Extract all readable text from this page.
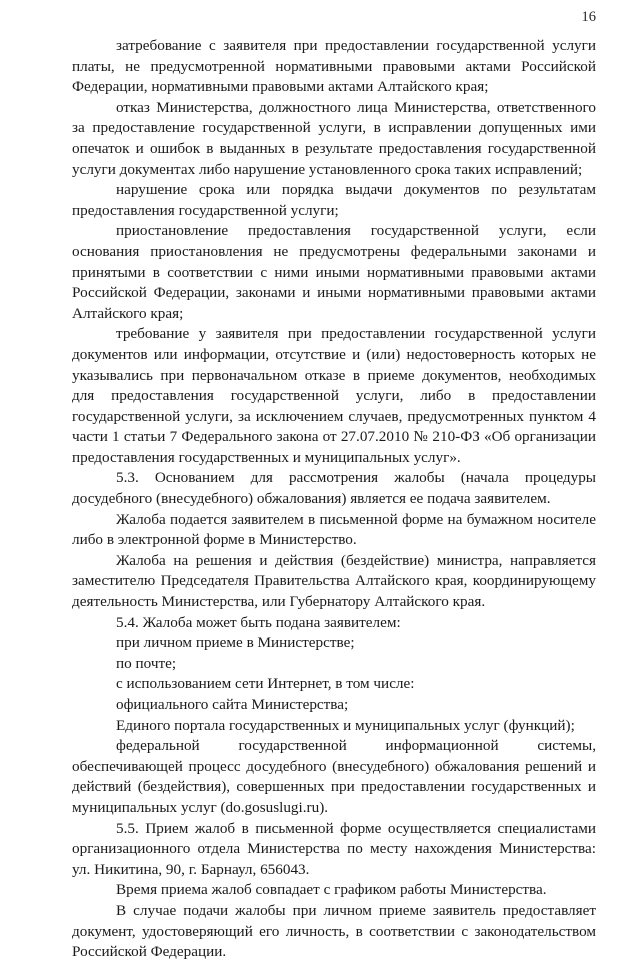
16

затребование с заявителя при предоставлении государственной услуги платы, не предусмотренной нормативными правовыми актами Российской Федерации, нормативными правовыми актами Алтайского края;

отказ Министерства, должностного лица Министерства, ответственного за предоставление государственной услуги, в исправлении допущенных ими опечаток и ошибок в выданных в результате предоставления государственной услуги документах либо нарушение установленного срока таких исправлений;

нарушение срока или порядка выдачи документов по результатам предоставления государственной услуги;

приостановление предоставления государственной услуги, если основания приостановления не предусмотрены федеральными законами и принятыми в соответствии с ними иными нормативными правовыми актами Российской Федерации, законами и иными нормативными правовыми актами Алтайского края;

требование у заявителя при предоставлении государственной услуги документов или информации, отсутствие и (или) недостоверность которых не указывались при первоначальном отказе в приеме документов, необходимых для предоставления государственной услуги, либо в предоставлении государственной услуги, за исключением случаев, предусмотренных пунктом 4 части 1 статьи 7 Федерального закона от 27.07.2010 № 210-ФЗ «Об организации предоставления государственных и муниципальных услуг».

5.3. Основанием для рассмотрения жалобы (начала процедуры досудебного (внесудебного) обжалования) является ее подача заявителем.

Жалоба подается заявителем в письменной форме на бумажном носителе либо в электронной форме в Министерство.

Жалоба на решения и действия (бездействие) министра, направляется заместителю Председателя Правительства Алтайского края, координирующему деятельность Министерства, или Губернатору Алтайского края.

5.4. Жалоба может быть подана заявителем:

при личном приеме в Министерстве;

по почте;

с использованием сети Интернет, в том числе:

официального сайта Министерства;

Единого портала государственных и муниципальных услуг (функций);

федеральной государственной информационной системы, обеспечивающей процесс досудебного (внесудебного) обжалования решений и действий (бездействия), совершенных при предоставлении государственных и муниципальных услуг (do.gosuslugi.ru).

5.5. Прием жалоб в письменной форме осуществляется специалистами организационного отдела Министерства по месту нахождения Министерства: ул. Никитина, 90, г. Барнаул, 656043.

Время приема жалоб совпадает с графиком работы Министерства.

В случае подачи жалобы при личном приеме заявитель предоставляет документ, удостоверяющий его личность, в соответствии с законодательством Российской Федерации.
